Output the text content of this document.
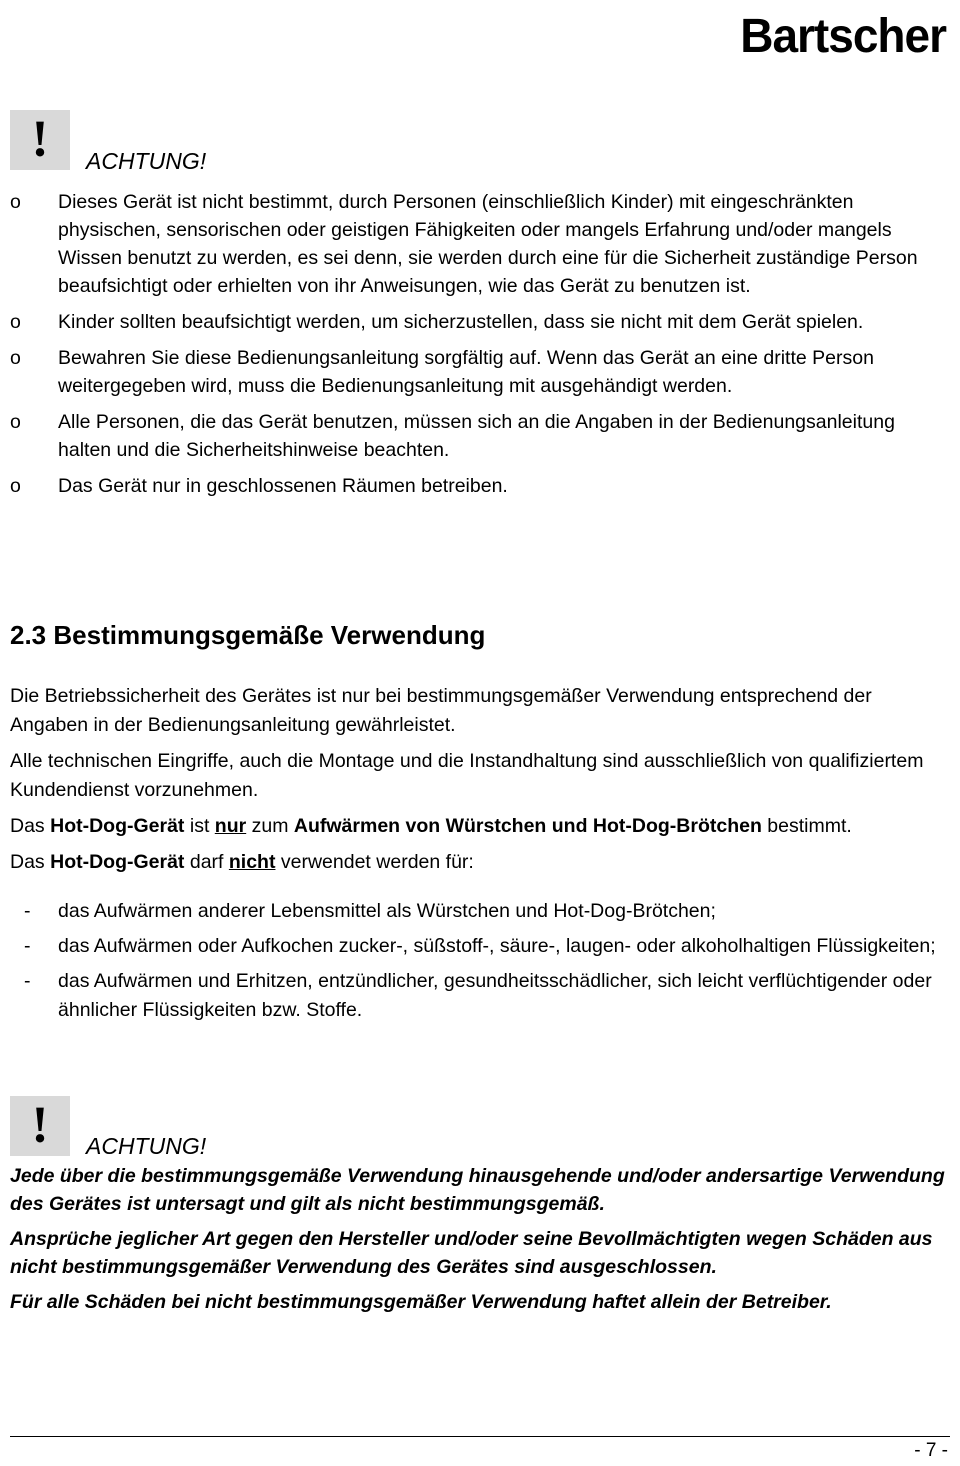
Bartscher
! ACHTUNG!
o	Dieses Gerät ist nicht bestimmt, durch Personen (einschließlich Kinder) mit eingeschränkten physischen, sensorischen oder geistigen Fähigkeiten oder mangels Erfahrung und/oder mangels Wissen benutzt zu werden, es sei denn, sie werden durch eine für die Sicherheit zuständige Person beaufsichtigt oder erhielten von ihr Anweisungen, wie das Gerät zu benutzen ist.
o	Kinder sollten beaufsichtigt werden, um sicherzustellen, dass sie nicht mit dem Gerät spielen.
o	Bewahren Sie diese Bedienungsanleitung sorgfältig auf. Wenn das Gerät an eine dritte Person weitergegeben wird, muss die Bedienungsanleitung mit ausgehändigt werden.
o	Alle Personen, die das Gerät benutzen, müssen sich an die Angaben in der Bedienungsanleitung halten und die Sicherheitshinweise beachten.
o	Das Gerät nur in geschlossenen Räumen betreiben.
2.3 Bestimmungsgemäße Verwendung

Die Betriebssicherheit des Gerätes ist nur bei bestimmungsgemäßer Verwendung entsprechend der Angaben in der Bedienungsanleitung gewährleistet.

Alle technischen Eingriffe, auch die Montage und die Instandhaltung sind ausschließlich von qualifiziertem Kundendienst vorzunehmen.

Das Hot-Dog-Gerät ist nur zum Aufwärmen von Würstchen und Hot-Dog-Brötchen bestimmt.

Das Hot-Dog-Gerät darf nicht verwendet werden für:

-	das Aufwärmen anderer Lebensmittel als Würstchen und Hot-Dog-Brötchen;
-	das Aufwärmen oder Aufkochen zucker-, süßstoff-, säure-, laugen- oder alkoholhaltigen Flüssigkeiten;
-	das Aufwärmen und Erhitzen, entzündlicher, gesundheitsschädlicher, sich leicht verflüchtigender oder ähnlicher Flüssigkeiten bzw. Stoffe.
! ACHTUNG!

Jede über die bestimmungsgemäße Verwendung hinausgehende und/oder andersartige Verwendung des Gerätes ist untersagt und gilt als nicht bestimmungsgemäß.

Ansprüche jeglicher Art gegen den Hersteller und/oder seine Bevollmächtigten wegen Schäden aus nicht bestimmungsgemäßer Verwendung des Gerätes sind ausgeschlossen.

Für alle Schäden bei nicht bestimmungsgemäßer Verwendung haftet allein der Betreiber.

- 7 -
